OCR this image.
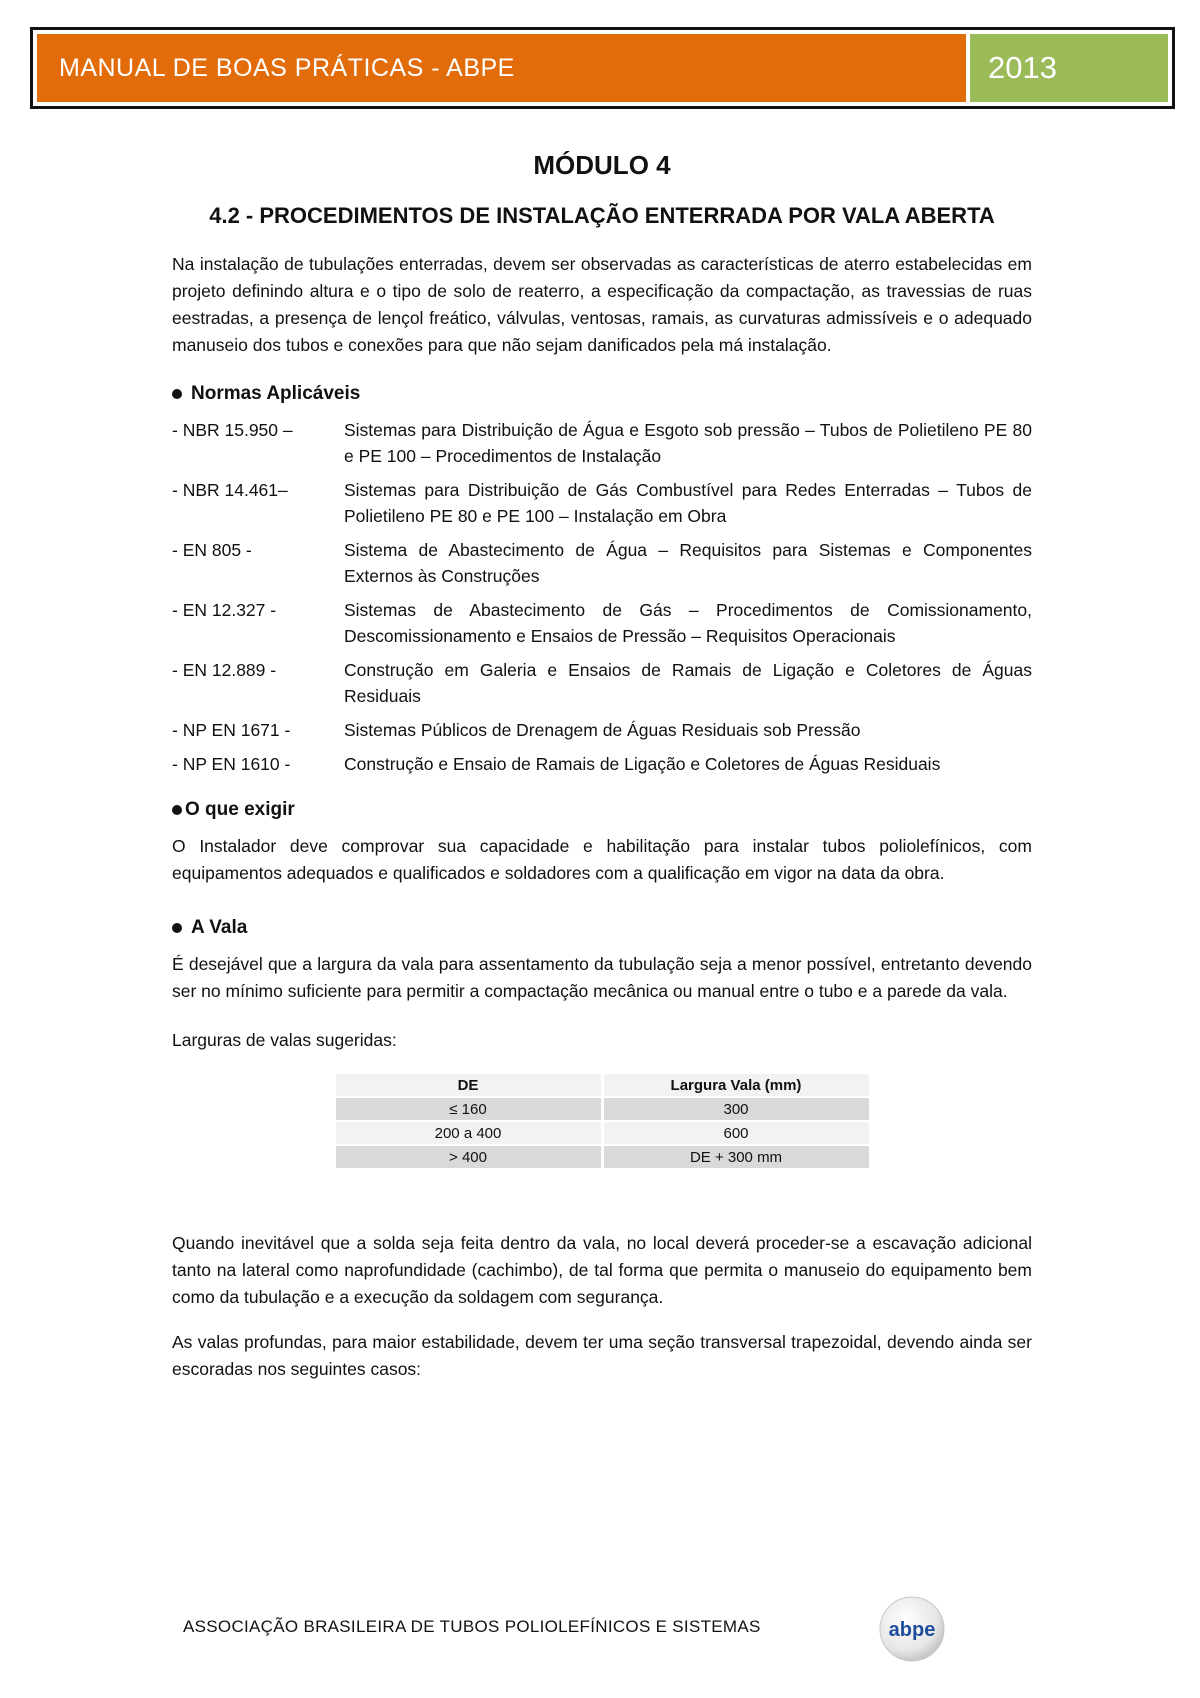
MANUAL DE BOAS PRÁTICAS - ABPE	2013
MÓDULO 4
4.2 - PROCEDIMENTOS DE INSTALAÇÃO ENTERRADA POR VALA ABERTA

Na instalação de tubulações enterradas, devem ser observadas as características de aterro estabelecidas em projeto definindo altura e o tipo de solo de reaterro, a especificação da compactação, as travessias de ruas eestradas, a presença de lençol freático, válvulas, ventosas, ramais, as curvaturas admissíveis e o adequado manuseio dos tubos e conexões para que não sejam danificados pela má instalação.

Normas Aplicáveis
- NBR 15.950 –	Sistemas para Distribuição de Água e Esgoto sob pressão – Tubos de Polietileno PE 80 e PE 100 – Procedimentos de Instalação
- NBR 14.461–	Sistemas para Distribuição de Gás Combustível para Redes Enterradas – Tubos de Polietileno PE 80 e PE 100 – Instalação em Obra
- EN 805 -	Sistema de Abastecimento de Água – Requisitos para Sistemas e Componentes Externos às Construções
- EN 12.327 -	Sistemas de Abastecimento de Gás – Procedimentos de Comissionamento, Descomissionamento e Ensaios de Pressão – Requisitos Operacionais
- EN 12.889 -	Construção em Galeria e Ensaios de Ramais de Ligação e Coletores de Águas Residuais
- NP EN 1671 -	Sistemas Públicos de Drenagem de Águas Residuais sob Pressão
- NP EN 1610 -	Construção e Ensaio de Ramais de Ligação e Coletores de Águas Residuais
O que exigir

O Instalador deve comprovar sua capacidade e habilitação para instalar tubos poliolefínicos, com equipamentos adequados e qualificados e soldadores com a qualificação em vigor na data da obra.

A Vala

É desejável que a largura da vala para assentamento da tubulação seja a menor possível, entretanto devendo ser no mínimo suficiente para permitir a compactação mecânica ou manual entre o tubo e a parede da vala.

Larguras de valas sugeridas:

DE	Largura Vala (mm)
≤ 160	300
200 a 400	600
> 400	DE + 300 mm

Quando inevitável que a solda seja feita dentro da vala, no local deverá proceder-se a escavação adicional tanto na lateral como naprofundidade (cachimbo), de tal forma que permita o manuseio do equipamento bem como da tubulação e a execução da soldagem com segurança.

As valas profundas, para maior estabilidade, devem ter uma seção transversal trapezoidal, devendo ainda ser escoradas nos seguintes casos:

ASSOCIAÇÃO BRASILEIRA DE TUBOS POLIOLEFÍNICOS E SISTEMAS	abpe
